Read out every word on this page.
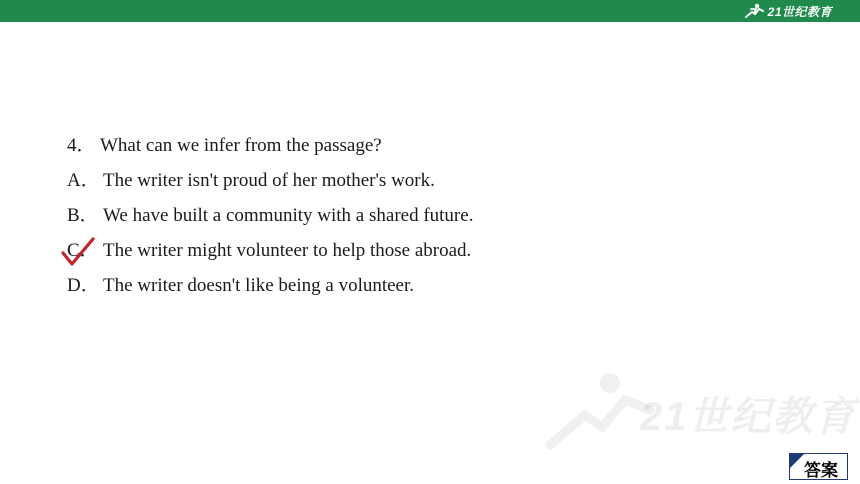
21世纪教育
4． What can we infer from the passage?
A． The writer isn't proud of her mother's work.
B． We have built a community with a shared future.
C． The writer might volunteer to help those abroad.
D． The writer doesn't like being a volunteer.
21世纪教育
答案
